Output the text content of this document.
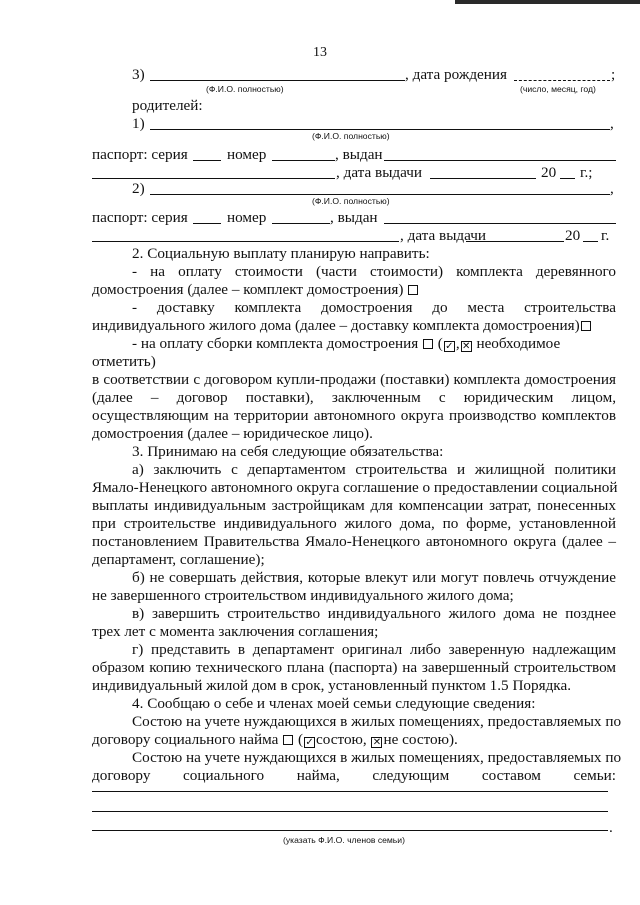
13
3)	, дата рождения	;
(Ф.И.О. полностью)	(число, месяц, год)
родителей:
1)	,
(Ф.И.О. полностью)
паспорт: серия	номер	, выдан
, дата выдачи	20 г.;
2)	,
(Ф.И.О. полностью)
паспорт: серия	номер	, выдан
, дата выдачи	20 г.
2. Социальную выплату планирую направить:
- на оплату стоимости (части стоимости) комплекта деревянного
домостроения (далее – комплект домостроения)
- доставку комплекта домостроения до места строительства
индивидуального жилого дома (далее – доставку комплекта домостроения)
- на оплату сборки комплекта домостроения ( ✓ , ✕ необходимое
отметить)
в соответствии с договором купли-продажи (поставки) комплекта домостроения
(далее – договор поставки), заключенным с юридическим лицом,
осуществляющим на территории автономного округа производство комплектов
домостроения (далее – юридическое лицо).
3. Принимаю на себя следующие обязательства:
а) заключить с департаментом строительства и жилищной политики
Ямало-Ненецкого автономного округа соглашение о предоставлении социальной
выплаты индивидуальным застройщикам для компенсации затрат, понесенных
при строительстве индивидуального жилого дома, по форме, установленной
постановлением Правительства Ямало-Ненецкого автономного округа (далее –
департамент, соглашение);
б) не совершать действия, которые влекут или могут повлечь отчуждение
не завершенного строительством индивидуального жилого дома;
в) завершить строительство индивидуального жилого дома не позднее
трех лет с момента заключения соглашения;
г) представить в департамент оригинал либо заверенную надлежащим
образом копию технического плана (паспорта) на завершенный строительством
индивидуальный жилой дом в срок, установленный пунктом 1.5 Порядка.
4. Сообщаю о себе и членах моей семьи следующие сведения:
Состою на учете нуждающихся в жилых помещениях, предоставляемых по
договору социального найма ( ✓ состою, ✕ не состою).
Состою на учете нуждающихся в жилых помещениях, предоставляемых по
договору социального найма, следующим составом семьи:
.
(указать Ф.И.О. членов семьи)
